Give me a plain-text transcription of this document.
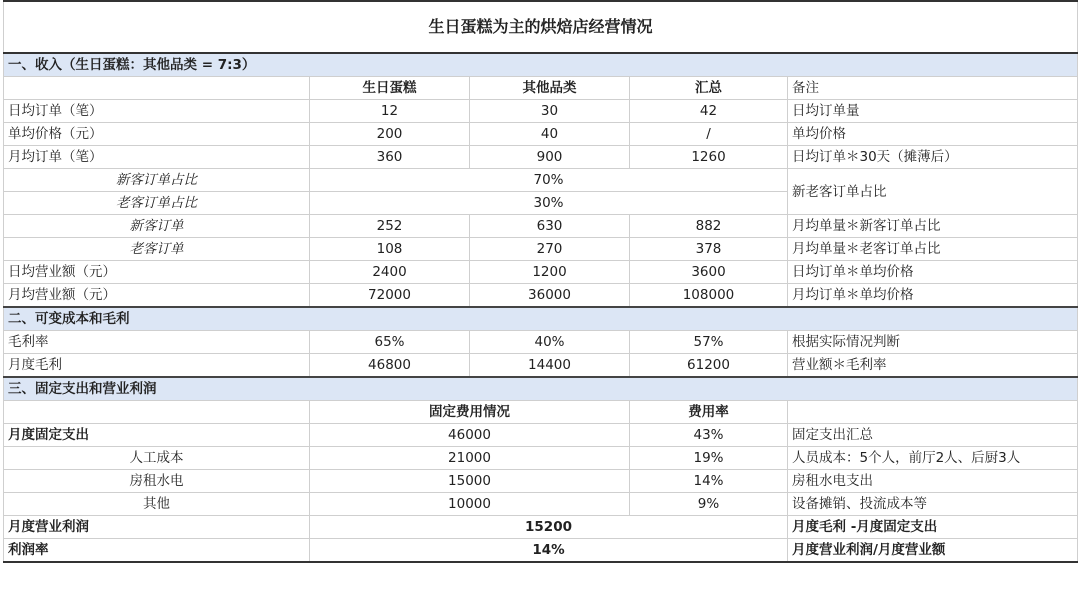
生日蛋糕为主的烘焙店经营情况				
一、收入（生日蛋糕：其他品类 = 7:3）				
	生日蛋糕	其他品类	汇总	备注
日均订单（笔）	12	30	42	日均订单量
单均价格（元）	200	40	/	单均价格
月均订单（笔）	360	900	1260	日均订单＊30天（摊薄后）
新客订单占比	70%			新老客订单占比
老客订单占比	30%			
新客订单	252	630	882	月均单量＊新客订单占比
老客订单	108	270	378	月均单量＊老客订单占比
日均营业额（元）	2400	1200	3600	日均订单＊单均价格
月均营业额（元）	72000	36000	108000	月均订单＊单均价格
二、可变成本和毛利				
毛利率	65%	40%	57%	根据实际情况判断
月度毛利	46800	14400	61200	营业额＊毛利率
三、固定支出和营业利润				
	固定费用情况		费用率	
月度固定支出	46000		43%	固定支出汇总
人工成本	21000		19%	人员成本：5个人，前厅2人、后厨3人
房租水电	15000		14%	房租水电支出
其他	10000		9%	设备摊销、投流成本等
月度营业利润	15200			月度毛利 -月度固定支出
利润率	14%			月度营业利润/月度营业额
